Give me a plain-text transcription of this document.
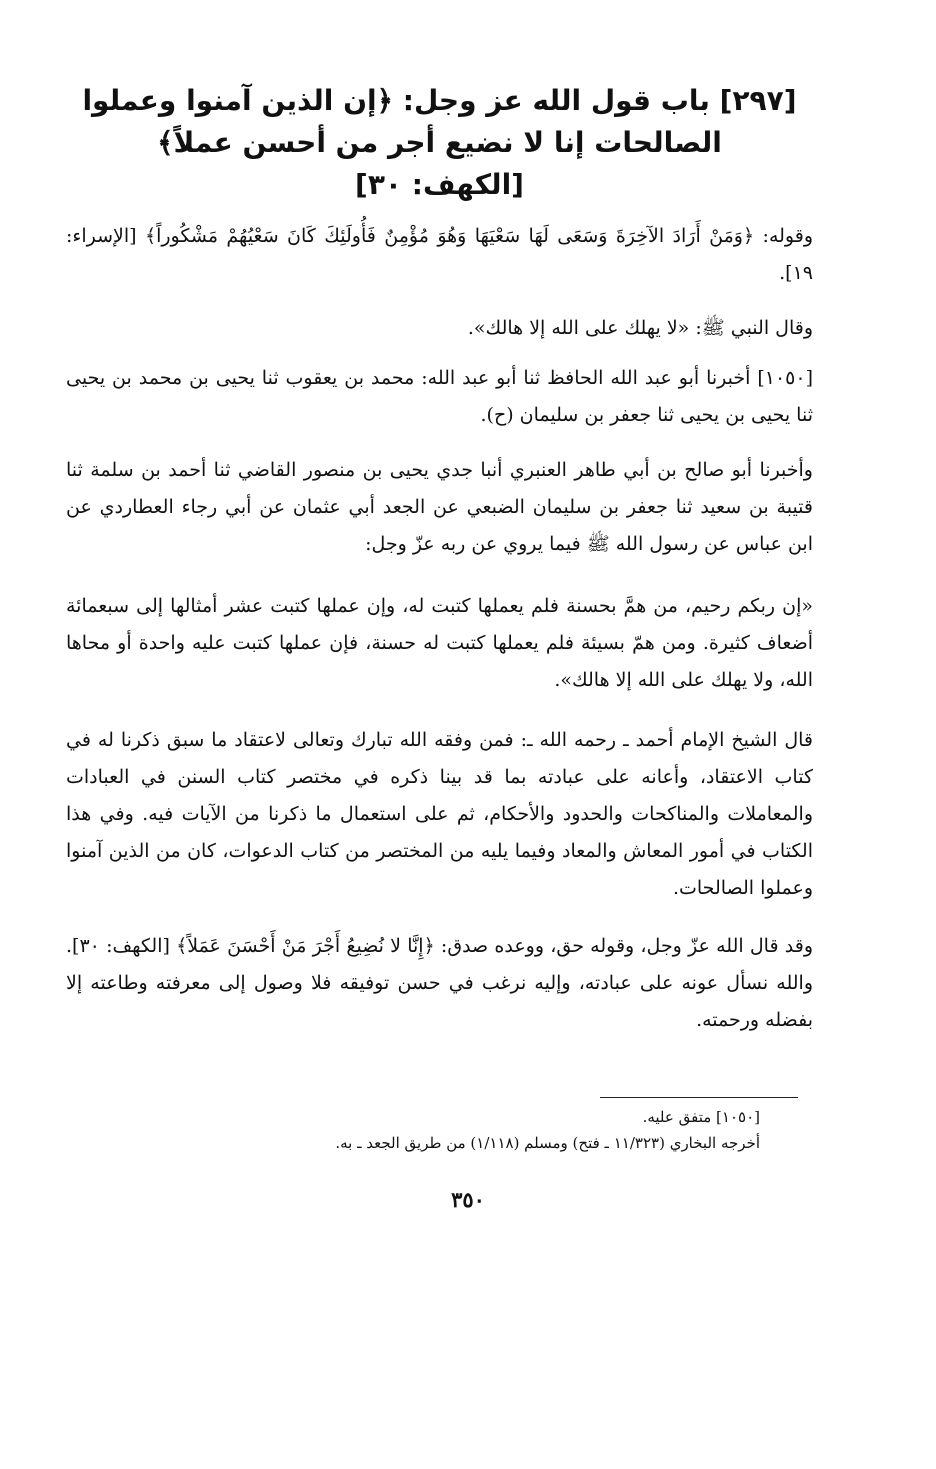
[٢٩٧] باب قول الله عز وجل: ﴿إن الذين آمنوا وعملوا
الصالحات إنا لا نضيع أجر من أحسن عملاً﴾
[الكهف: ٣٠]

وقوله: ﴿وَمَنْ أَرَادَ الآخِرَةَ وَسَعَى لَهَا سَعْيَهَا وَهُوَ مُؤْمِنٌ فَأُولَئِكَ كَانَ سَعْيُهُمْ مَشْكُوراً﴾ [الإسراء: ١٩].

وقال النبي ﷺ: «لا يهلك على الله إلا هالك».

[١٠٥٠] أخبرنا أبو عبد الله الحافظ ثنا أبو عبد الله: محمد بن يعقوب ثنا يحيى بن محمد بن يحيى ثنا يحيى بن يحيى ثنا جعفر بن سليمان (ح).

وأخبرنا أبو صالح بن أبي طاهر العنبري أنبا جدي يحيى بن منصور القاضي ثنا أحمد بن سلمة ثنا قتيبة بن سعيد ثنا جعفر بن سليمان الضبعي عن الجعد أبي عثمان عن أبي رجاء العطاردي عن ابن عباس عن رسول الله ﷺ فيما يروي عن ربه عزّ وجل:

«إن ربكم رحيم، من همَّ بحسنة فلم يعملها كتبت له، وإن عملها كتبت عشر أمثالها إلى سبعمائة أضعاف كثيرة. ومن همّ بسيئة فلم يعملها كتبت له حسنة، فإن عملها كتبت عليه واحدة أو محاها الله، ولا يهلك على الله إلا هالك».

قال الشيخ الإمام أحمد ـ رحمه الله ـ: فمن وفقه الله تبارك وتعالى لاعتقاد ما سبق ذكرنا له في كتاب الاعتقاد، وأعانه على عبادته بما قد بينا ذكره في مختصر كتاب السنن في العبادات والمعاملات والمناكحات والحدود والأحكام، ثم على استعمال ما ذكرنا من الآيات فيه. وفي هذا الكتاب في أمور المعاش والمعاد وفيما يليه من المختصر من كتاب الدعوات، كان من الذين آمنوا وعملوا الصالحات.

وقد قال الله عزّ وجل، وقوله حق، ووعده صدق: ﴿إِنَّا لا نُضِيعُ أَجْرَ مَنْ أَحْسَنَ عَمَلاً﴾ [الكهف: ٣٠]. والله نسأل عونه على عبادته، وإليه نرغب في حسن توفيقه فلا وصول إلى معرفته وطاعته إلا بفضله ورحمته.

[١٠٥٠] متفق عليه.
أخرجه البخاري (١١/٣٢٣ ـ فتح) ومسلم (١/١١٨) من طريق الجعد ـ به.
٣٥٠
